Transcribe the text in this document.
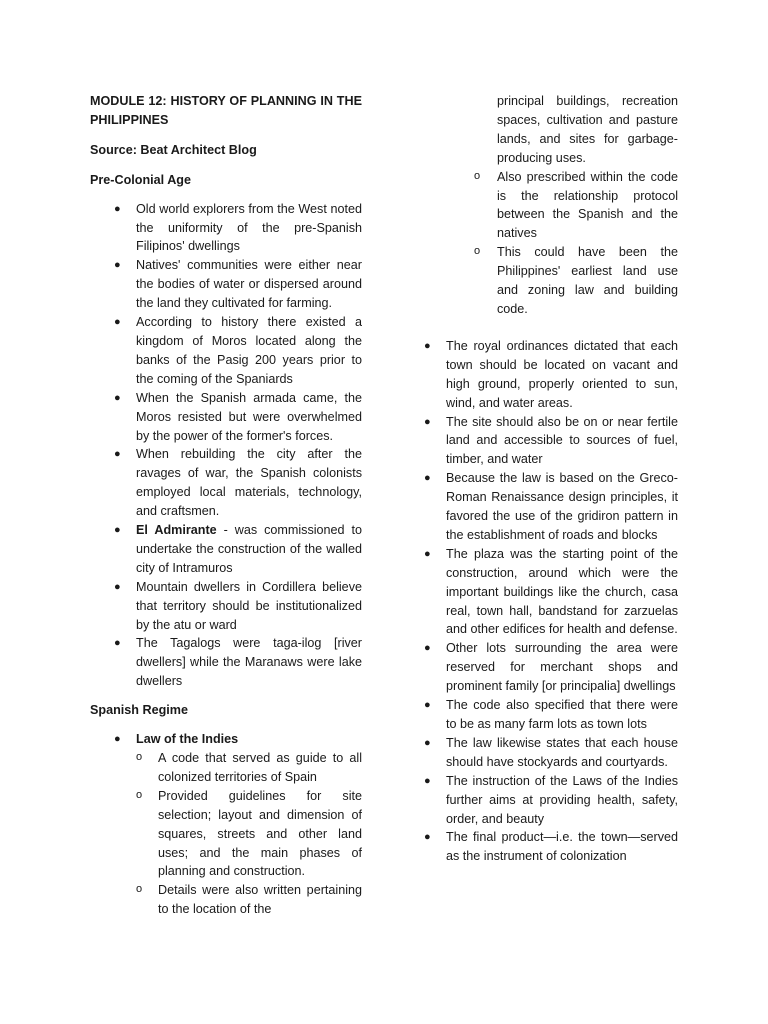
MODULE 12: HISTORY OF PLANNING IN THE PHILIPPINES

Source: Beat Architect Blog

Pre-Colonial Age

● Old world explorers from the West noted the uniformity of the pre-Spanish Filipinos' dwellings
● Natives' communities were either near the bodies of water or dispersed around the land they cultivated for farming.
● According to history there existed a kingdom of Moros located along the banks of the Pasig 200 years prior to the coming of the Spaniards
● When the Spanish armada came, the Moros resisted but were overwhelmed by the power of the former's forces.
● When rebuilding the city after the ravages of war, the Spanish colonists employed local materials, technology, and craftsmen.
● El Admirante - was commissioned to undertake the construction of the walled city of Intramuros
● Mountain dwellers in Cordillera believe that territory should be institutionalized by the atu or ward
● The Tagalogs were taga-ilog [river dwellers] while the Maranaws were lake dwellers

Spanish Regime

● Law of the Indies
o A code that served as guide to all colonized territories of Spain
o Provided guidelines for site selection; layout and dimension of squares, streets and other land uses; and the main phases of planning and construction.
o Details were also written pertaining to the location of the
principal buildings, recreation spaces, cultivation and pasture lands, and sites for garbage-producing uses.
o Also prescribed within the code is the relationship protocol between the Spanish and the natives
o This could have been the Philippines' earliest land use and zoning law and building code.
● The royal ordinances dictated that each town should be located on vacant and high ground, properly oriented to sun, wind, and water areas.
● The site should also be on or near fertile land and accessible to sources of fuel, timber, and water
● Because the law is based on the Greco-Roman Renaissance design principles, it favored the use of the gridiron pattern in the establishment of roads and blocks
● The plaza was the starting point of the construction, around which were the important buildings like the church, casa real, town hall, bandstand for zarzuelas and other edifices for health and defense.
● Other lots surrounding the area were reserved for merchant shops and prominent family [or principalia] dwellings
● The code also specified that there were to be as many farm lots as town lots
● The law likewise states that each house should have stockyards and courtyards.
● The instruction of the Laws of the Indies further aims at providing health, safety, order, and beauty
● The final product—i.e. the town—served as the instrument of colonization
